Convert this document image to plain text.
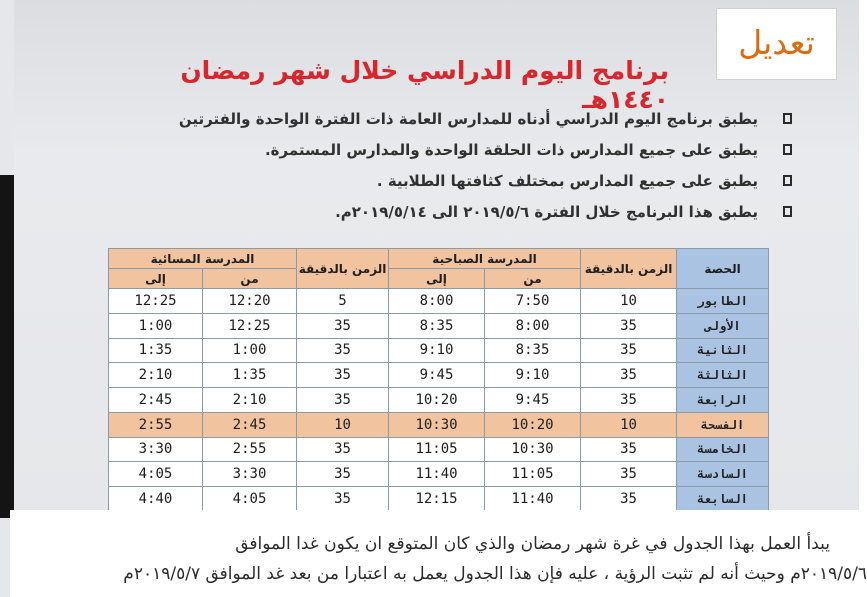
تعديل
برنامج اليوم الدراسي خلال شهر رمضان ١٤٤٠هـ
يطبق برنامج اليوم الدراسي أدناه للمدارس العامة ذات الفترة الواحدة والفترتين
يطبق على جميع المدارس ذات الحلقة الواحدة والمدارس المستمرة.
يطبق على جميع المدارس بمختلف كثافتها الطلابية .
يطبق هذا البرنامج خلال الفترة ٢٠١٩/٥/٦ الى ٢٠١٩/٥/١٤م.
الحصة	الزمن بالدقيقة	المدرسة الصباحية		الزمن بالدقيقة	المدرسة المسائية	
		من	إلى		من	إلى
الطابور	10	7:50	8:00	5	12:20	12:25
الأولى	35	8:00	8:35	35	12:25	1:00
الثانية	35	8:35	9:10	35	1:00	1:35
الثالثة	35	9:10	9:45	35	1:35	2:10
الرابعة	35	9:45	10:20	35	2:10	2:45
الفسحة	10	10:20	10:30	10	2:45	2:55
الخامسة	35	10:30	11:05	35	2:55	3:30
السادسة	35	11:05	11:40	35	3:30	4:05
السابعة	35	11:40	12:15	35	4:05	4:40
يبدأ العمل بهذا الجدول في غرة شهر رمضان والذي كان المتوقع ان يكون غدا الموافق
٢٠١٩/٥/٦م وحيث أنه لم تثبت الرؤية ، عليه فإن هذا الجدول يعمل به اعتبارا من بعد غد الموافق ٢٠١٩/٥/٧م
